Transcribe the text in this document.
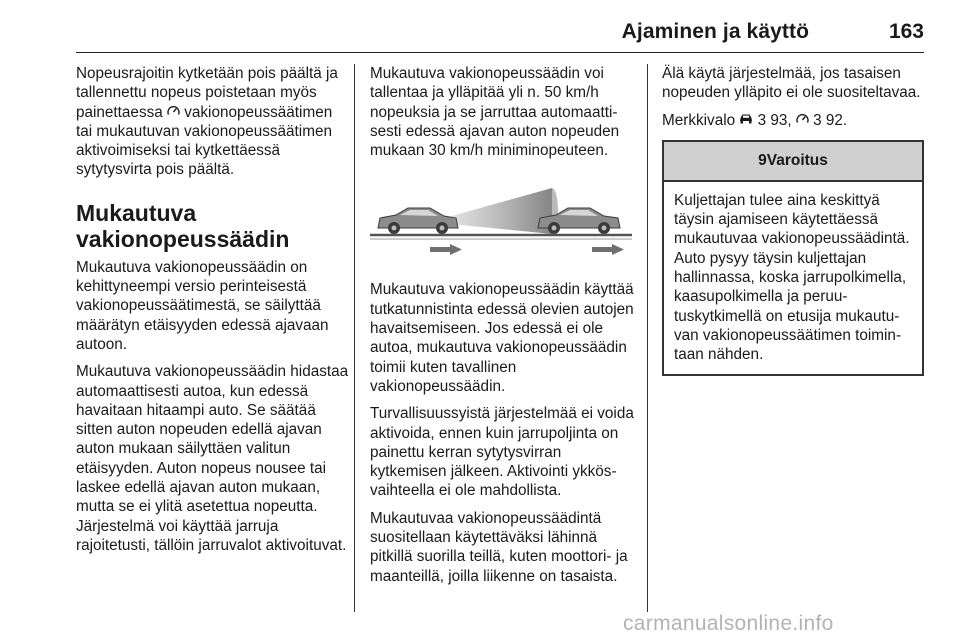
Ajaminen ja käyttö	163

Nopeusrajoitin kytketään pois päältä ja tallennettu nopeus poistetaan myös painettaessa  vakionopeussäätimen tai mukautuvan vakionopeussäätimen aktivoimiseksi tai kytkettäessä sytytysvirta pois päältä.

Mukautuva vakionopeussäädin

Mukautuva vakionopeussäädin on kehittyneempi versio perinteisestä vakionopeussäätimestä, se säilyttää määrätyn etäisyyden edessä ajavaan autoon.

Mukautuva vakionopeussäädin hidastaa automaattisesti autoa, kun edessä havaitaan hitaampi auto. Se säätää sitten auton nopeuden edellä ajavan auton mukaan säilyttäen valitun etäisyyden. Auton nopeus nousee tai laskee edellä ajavan auton mukaan, mutta se ei ylitä asetettua nopeutta. Järjestelmä voi käyttää jarruja rajoitetusti, tällöin jarruvalot aktivoituvat.

Mukautuva vakionopeussäädin voi tallentaa ja ylläpitää yli n. 50 km/h nopeuksia ja se jarruttaa automaattisesti edessä ajavan auton nopeuden mukaan 30 km/h miniminopeuteen.

Mukautuva vakionopeussäädin käyttää tutkatunnistinta edessä olevien autojen havaitsemiseen. Jos edessä ei ole autoa, mukautuva vakionopeussäädin toimii kuten tavallinen vakionopeussäädin.

Turvallisuussyistä järjestelmää ei voida aktivoida, ennen kuin jarrupoljinta on painettu kerran sytytysvirran kytkemisen jälkeen. Aktivointi ykkösvaihteella ei ole mahdollista.

Mukautuvaa vakionopeussäädintä suositellaan käytettäväksi lähinnä pitkillä suorilla teillä, kuten moottori- ja maanteillä, joilla liikenne on tasaista.

Älä käytä järjestelmää, jos tasaisen nopeuden ylläpito ei ole suositeltavaa.

Merkkivalo  3 93,  3 92.

9Varoitus
Kuljettajan tulee aina keskittyä täysin ajamiseen käytettäessä mukautuvaa vakionopeussäädintä. Auto pysyy täysin kuljettajan hallinnassa, koska jarrupolkimella, kaasupolkimella ja peruutuskytkimellä on etusija mukautuvan vakionopeussäätimen toimintaan nähden.
carmanualsonline.info
